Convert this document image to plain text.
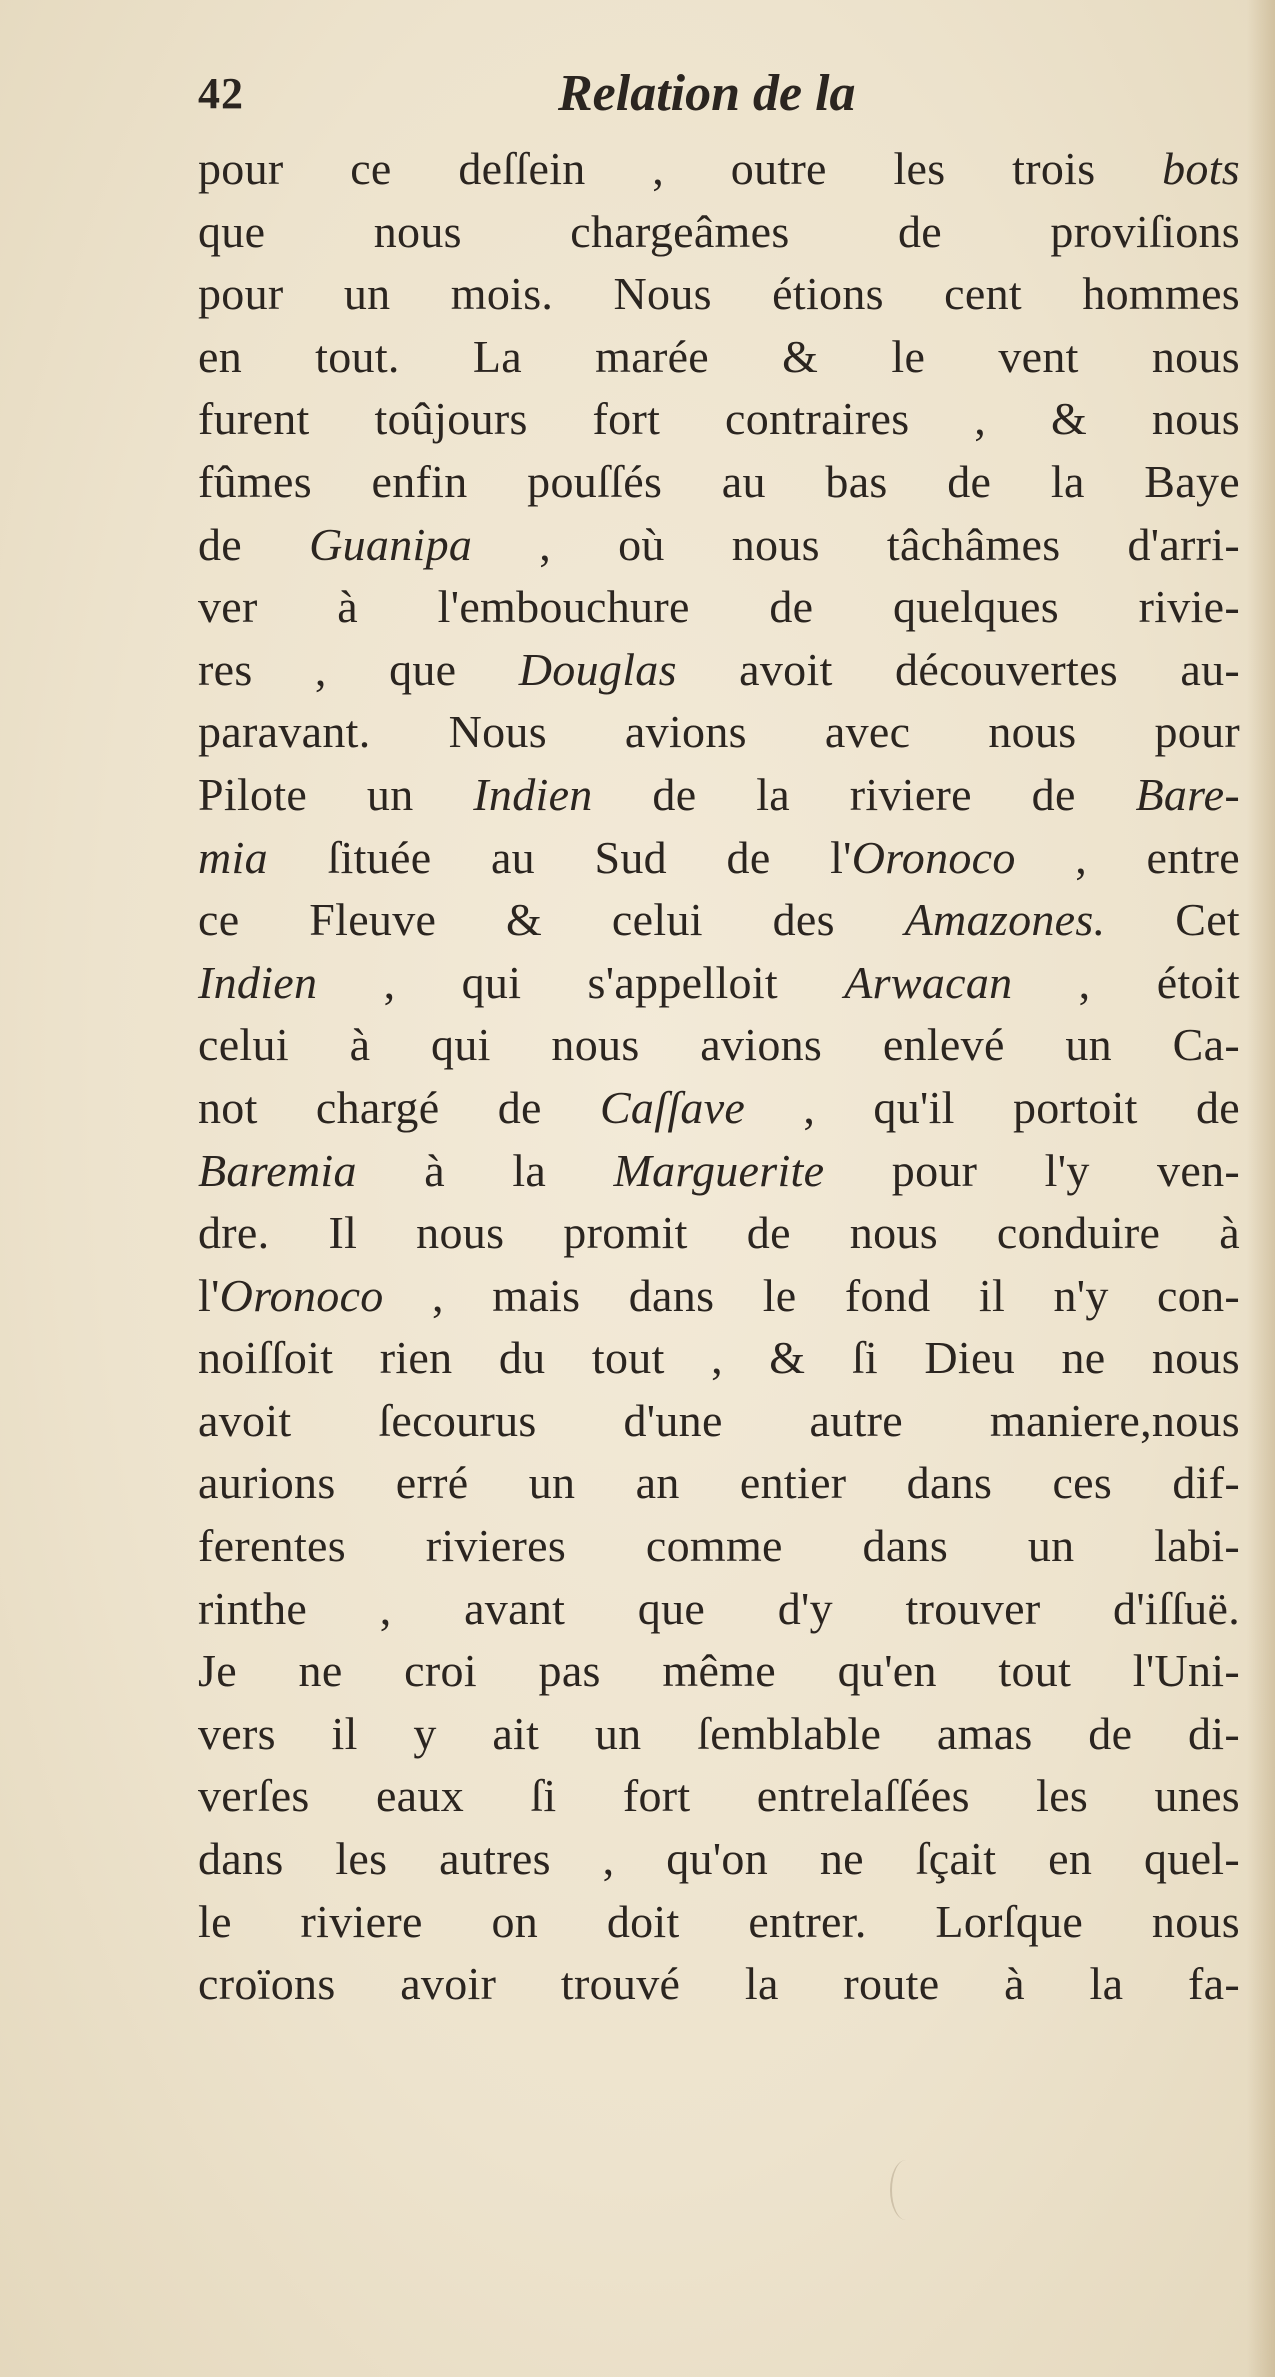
42	Relation de la
pour ce deſſein , outre les trois bots
que nous chargeâmes de proviſions
pour un mois. Nous étions cent hommes
en tout. La marée & le vent nous
furent toûjours fort contraires , & nous
fûmes enfin pouſſés au bas de la Baye
de Guanipa , où nous tâchâmes d'arri-
ver à l'embouchure de quelques rivie-
res , que Douglas avoit découvertes au-
paravant. Nous avions avec nous pour
Pilote un Indien de la riviere de Bare-
mia ſituée au Sud de l'Oronoco , entre
ce Fleuve & celui des Amazones. Cet
Indien , qui s'appelloit Arwacan , étoit
celui à qui nous avions enlevé un Ca-
not chargé de Caſſave , qu'il portoit de
Baremia à la Marguerite pour l'y ven-
dre. Il nous promit de nous conduire à
l'Oronoco , mais dans le fond il n'y con-
noiſſoit rien du tout , & ſi Dieu ne nous
avoit ſecourus d'une autre maniere,nous
aurions erré un an entier dans ces dif-
ferentes rivieres comme dans un labi-
rinthe , avant que d'y trouver d'iſſuë.
Je ne croi pas même qu'en tout l'Uni-
vers il y ait un ſemblable amas de di-
verſes eaux ſi fort entrelaſſées les unes
dans les autres , qu'on ne ſçait en quel-
le riviere on doit entrer. Lorſque nous
croïons avoir trouvé la route à la fa-
